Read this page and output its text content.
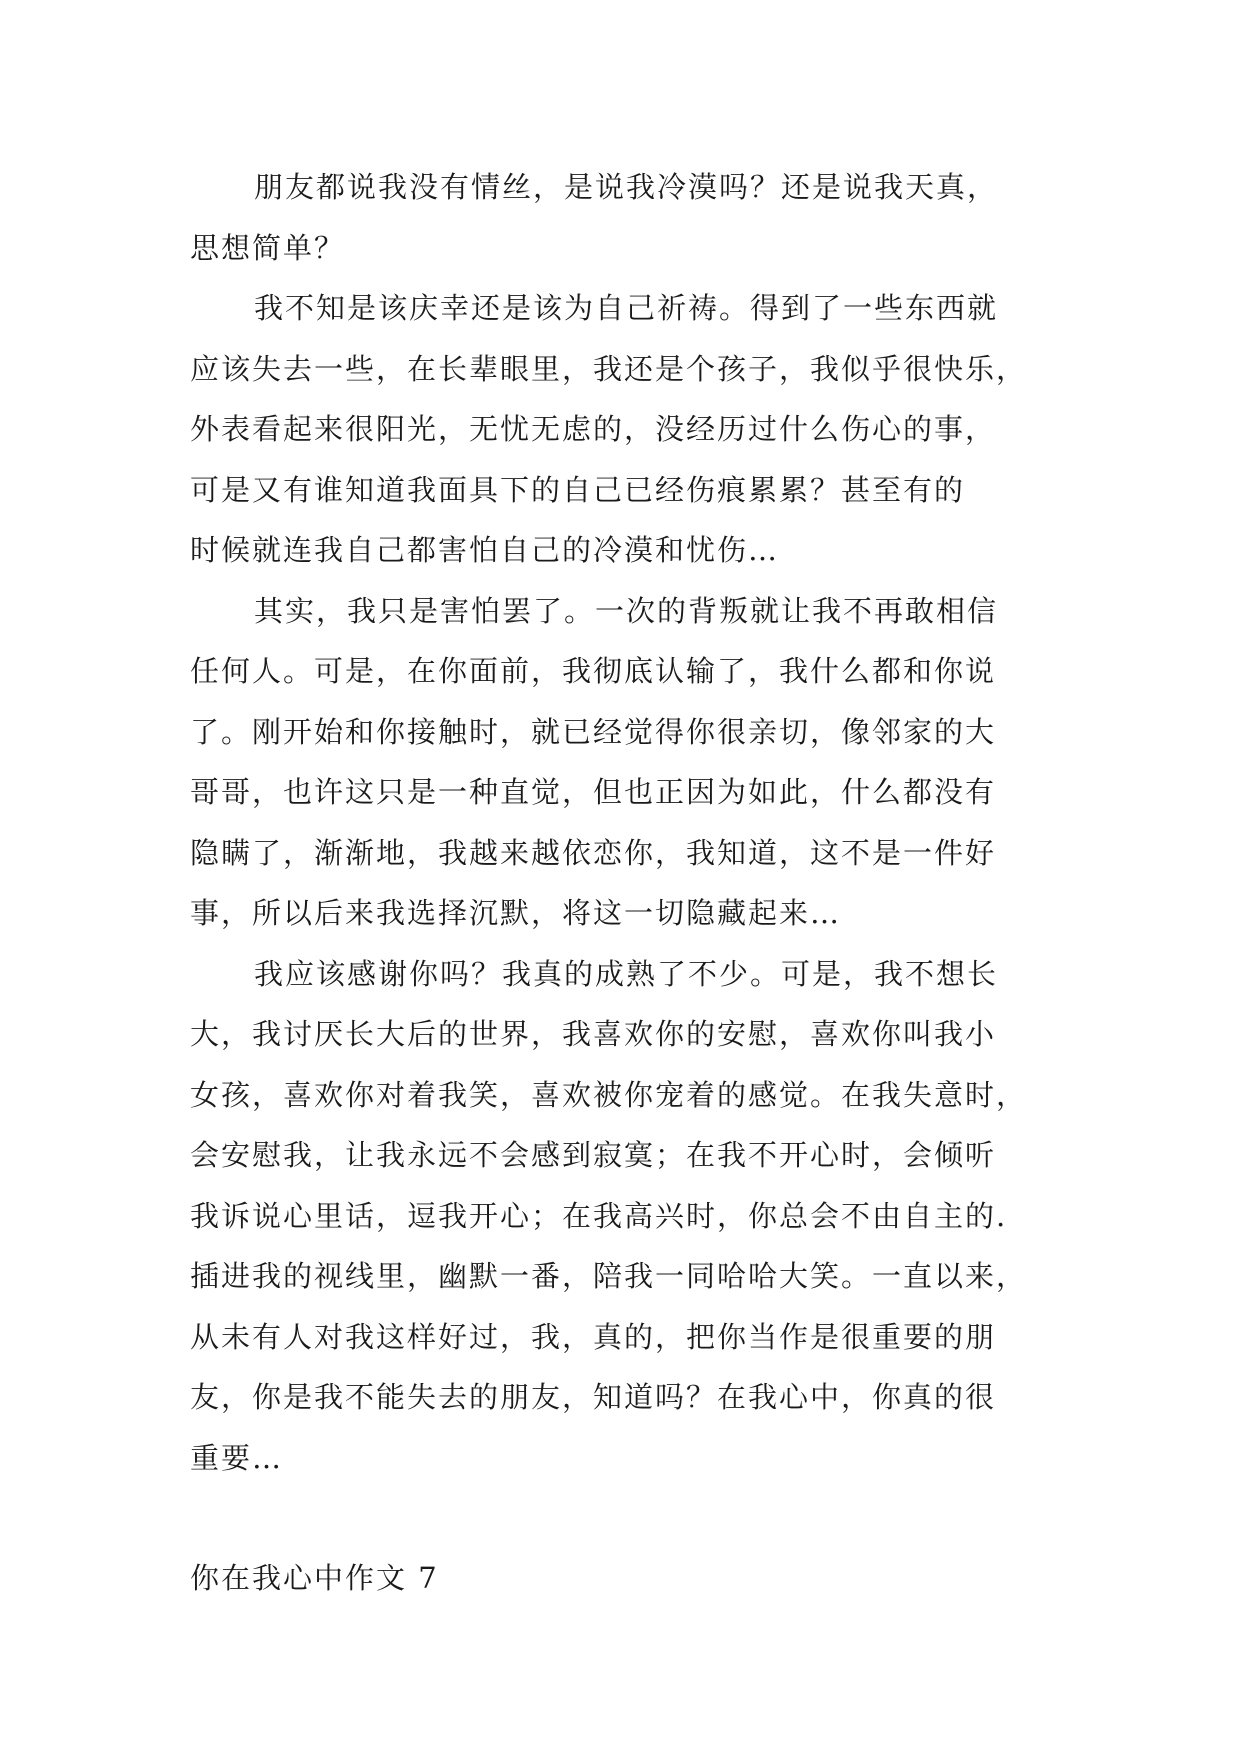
朋友都说我没有情丝，是说我冷漠吗？还是说我天真，
思想简单？
我不知是该庆幸还是该为自己祈祷。得到了一些东西就
应该失去一些，在长辈眼里，我还是个孩子，我似乎很快乐，
外表看起来很阳光，无忧无虑的，没经历过什么伤心的事，
可是又有谁知道我面具下的自己已经伤痕累累？甚至有的
时候就连我自己都害怕自己的冷漠和忧伤…
其实，我只是害怕罢了。一次的背叛就让我不再敢相信
任何人。可是，在你面前，我彻底认输了，我什么都和你说
了。刚开始和你接触时，就已经觉得你很亲切，像邻家的大
哥哥，也许这只是一种直觉，但也正因为如此，什么都没有
隐瞒了，渐渐地，我越来越依恋你，我知道，这不是一件好
事，所以后来我选择沉默，将这一切隐藏起来…
我应该感谢你吗？我真的成熟了不少。可是，我不想长
大，我讨厌长大后的世界，我喜欢你的安慰，喜欢你叫我小
女孩，喜欢你对着我笑，喜欢被你宠着的感觉。在我失意时，
会安慰我，让我永远不会感到寂寞；在我不开心时，会倾听
我诉说心里话，逗我开心；在我高兴时，你总会不由自主的.
插进我的视线里，幽默一番，陪我一同哈哈大笑。一直以来，
从未有人对我这样好过，我，真的，把你当作是很重要的朋
友，你是我不能失去的朋友，知道吗？在我心中，你真的很
重要…
你在我心中作文 7
